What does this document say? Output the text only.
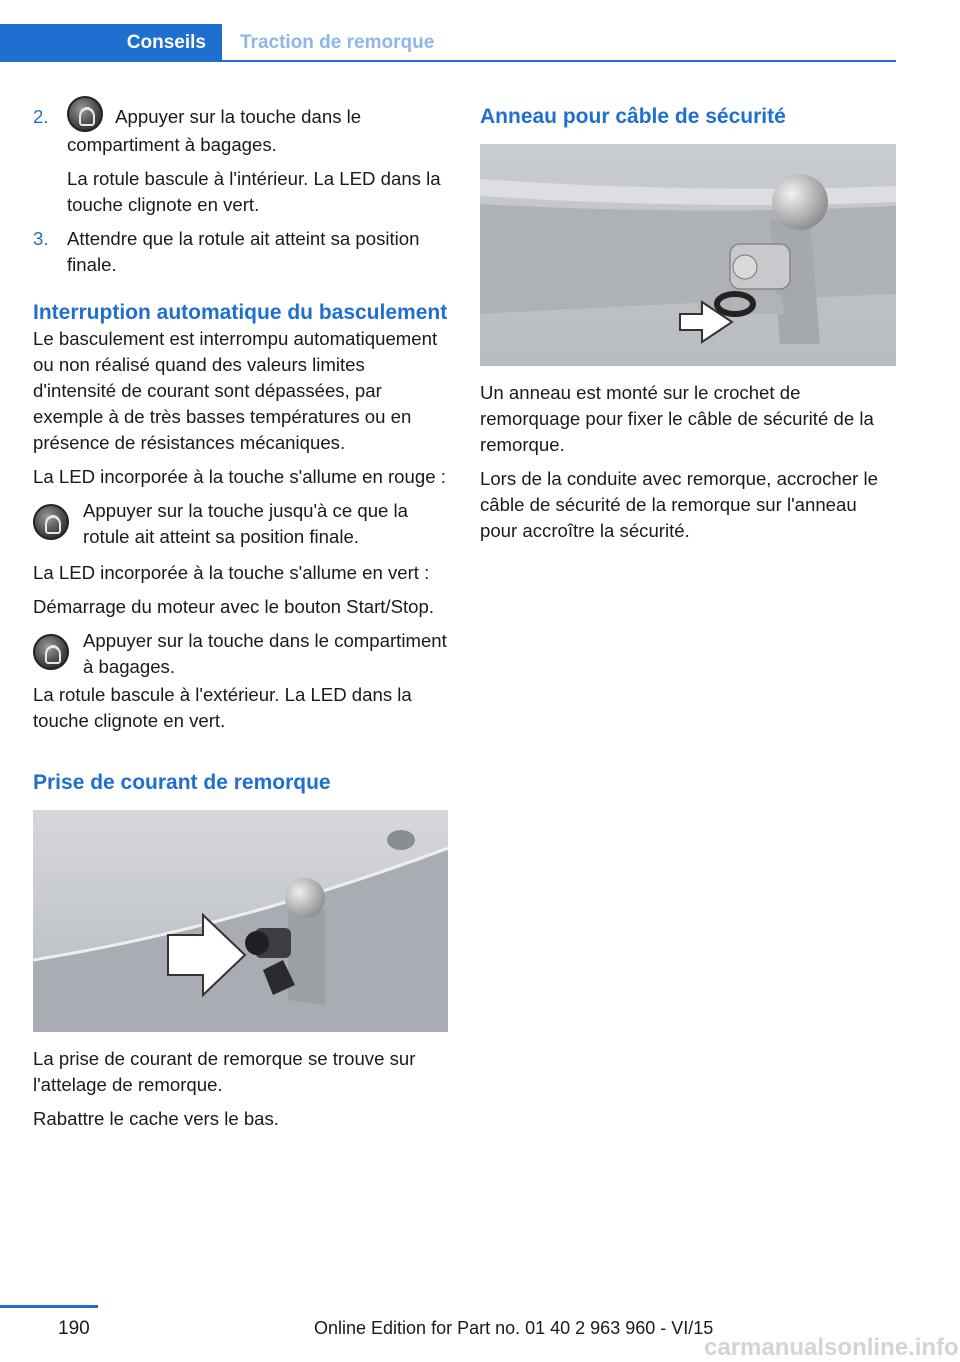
Conseils	Traction de remorque
2.	Appuyer sur la touche dans le compartiment à bagages.

La rotule bascule à l'intérieur. La LED dans la touche clignote en vert.

3. Attendre que la rotule ait atteint sa position finale.

Interruption automatique du basculement

Le basculement est interrompu automatiquement ou non réalisé quand des valeurs limites d'intensité de courant sont dépassées, par exemple à de très basses températures ou en présence de résistances mécaniques.

La LED incorporée à la touche s'allume en rouge :

Appuyer sur la touche jusqu'à ce que la rotule ait atteint sa position finale.

La LED incorporée à la touche s'allume en vert :

Démarrage du moteur avec le bouton Start/Stop.

Appuyer sur la touche dans le compartiment à bagages.

La rotule bascule à l'extérieur. La LED dans la touche clignote en vert.

Prise de courant de remorque

La prise de courant de remorque se trouve sur l'attelage de remorque.

Rabattre le cache vers le bas.

Anneau pour câble de sécurité

Un anneau est monté sur le crochet de remorquage pour fixer le câble de sécurité de la remorque.

Lors de la conduite avec remorque, accrocher le câble de sécurité de la remorque sur l'anneau pour accroître la sécurité.

190	Online Edition for Part no. 01 40 2 963 960 - VI/15
carmanualsonline.info
